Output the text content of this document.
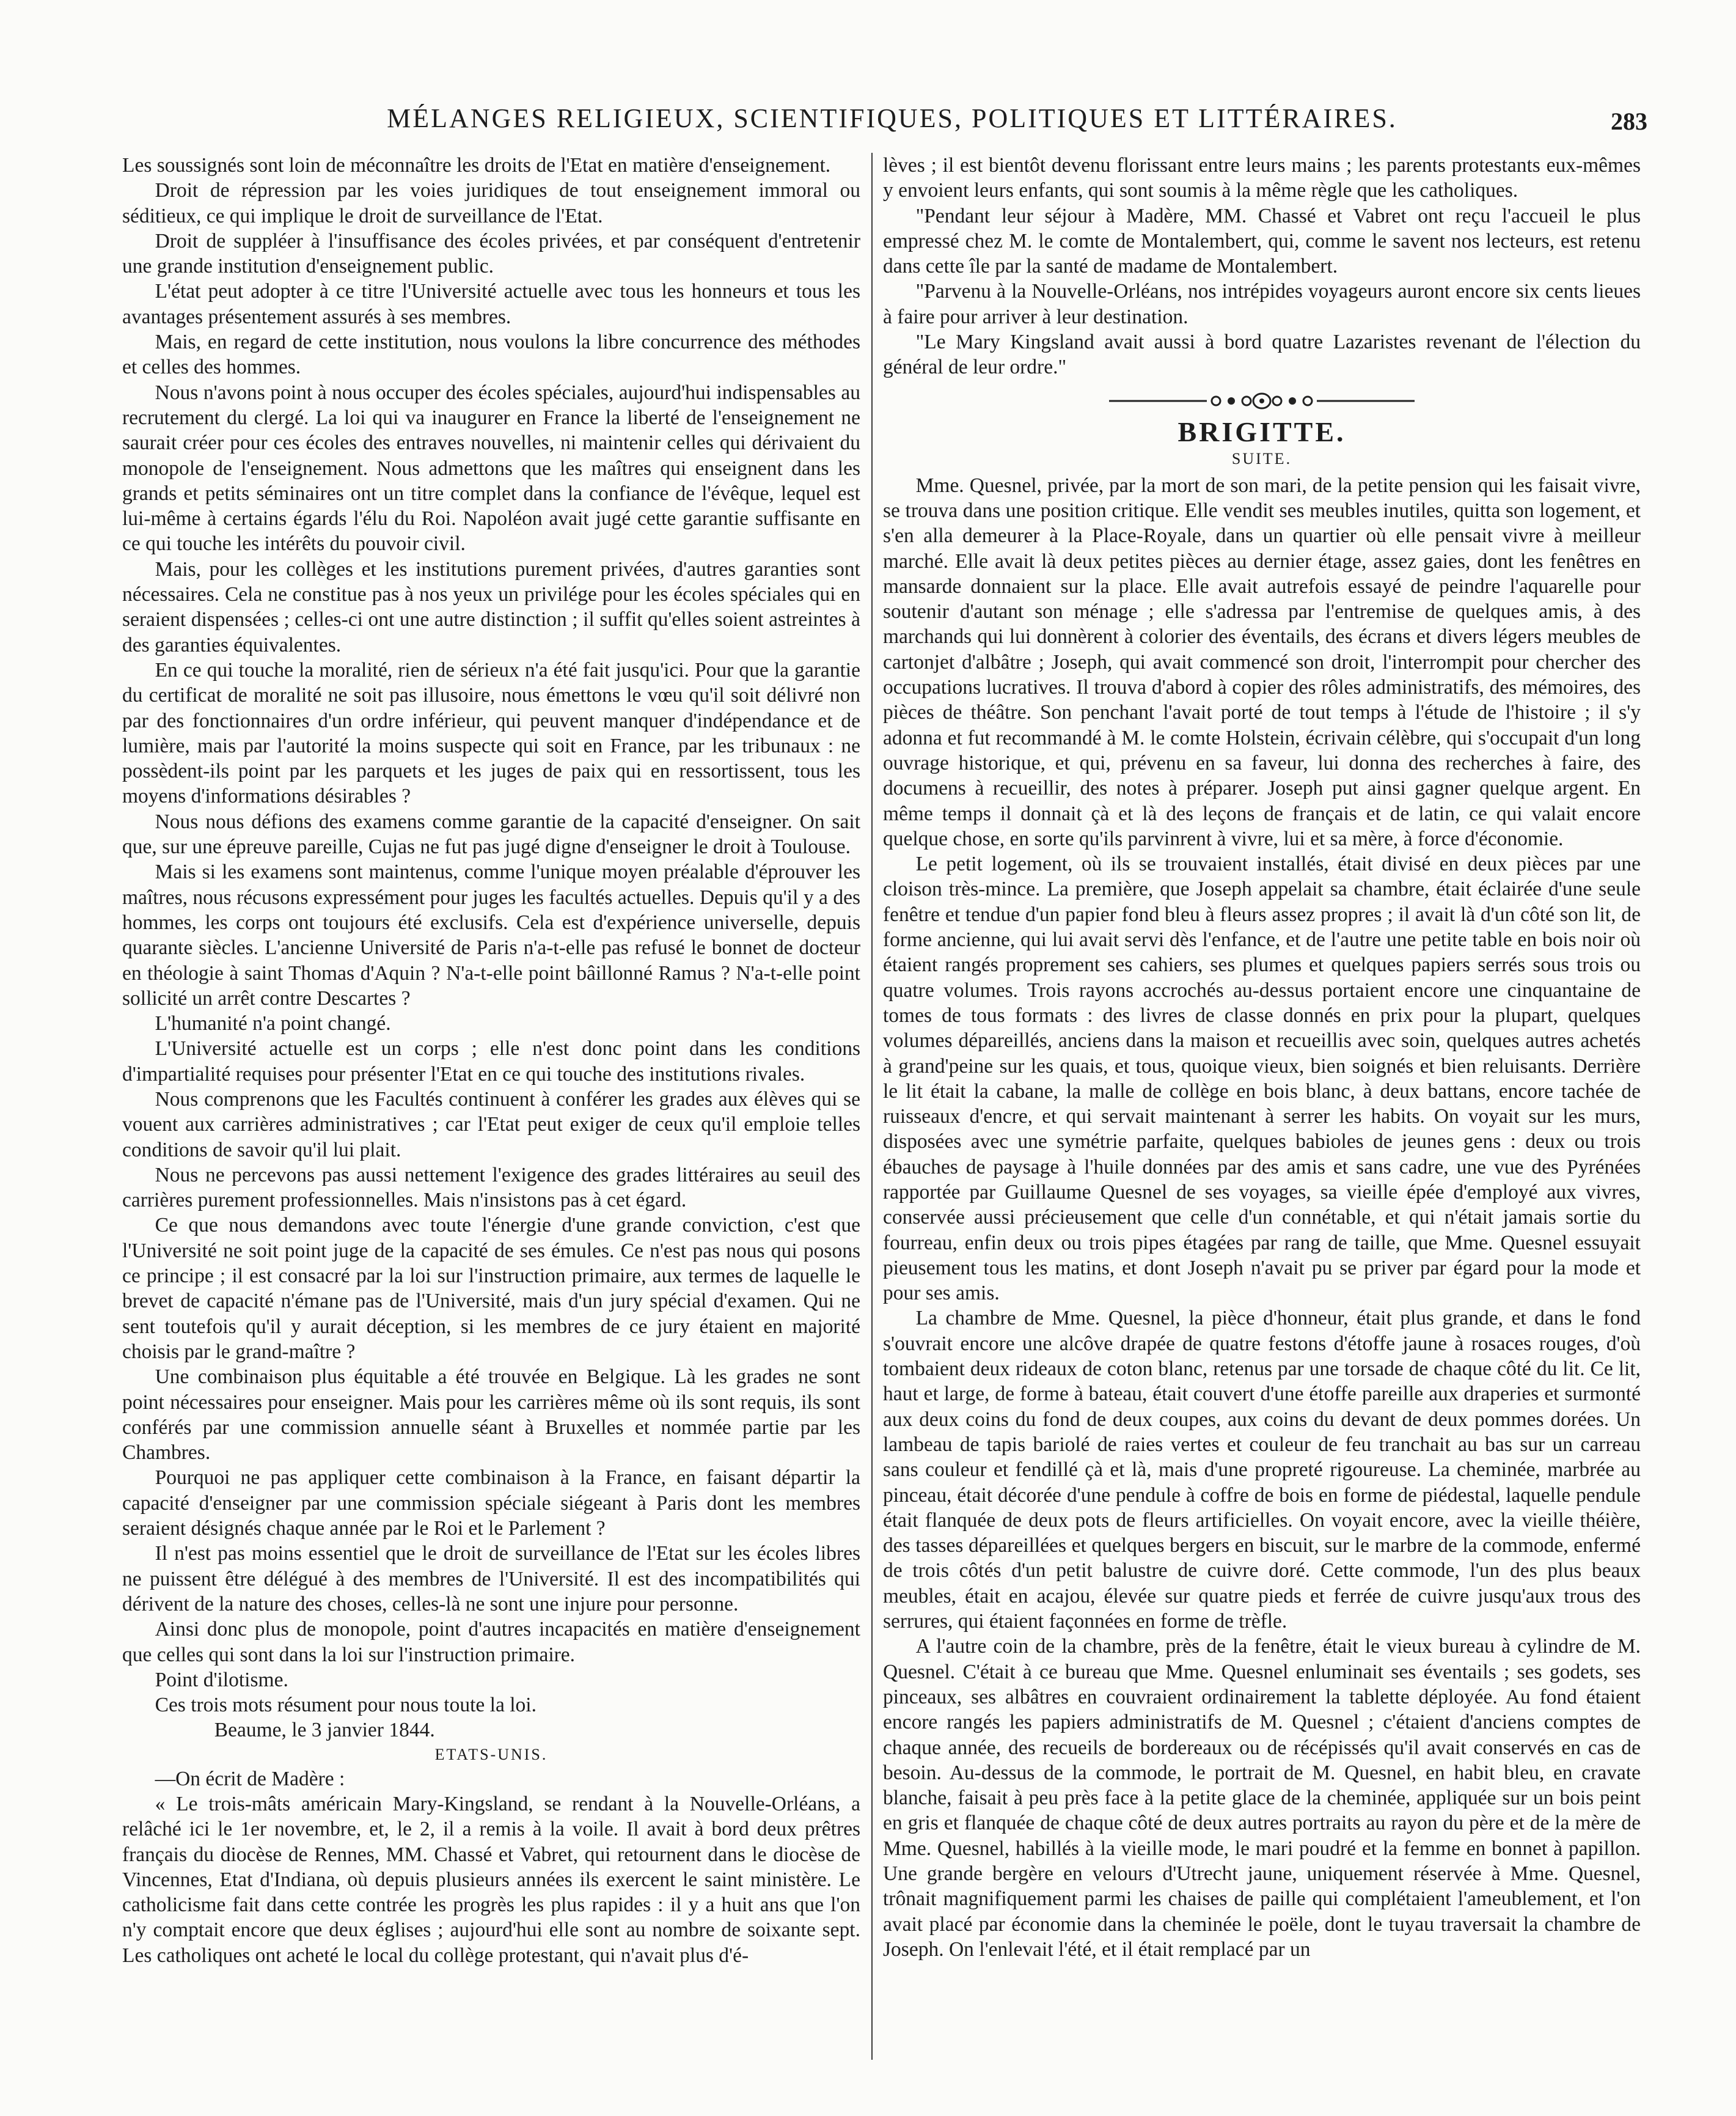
MÉLANGES RELIGIEUX, SCIENTIFIQUES, POLITIQUES ET LITTÉRAIRES.	283

Les soussignés sont loin de méconnaître les droits de l'Etat en matière d'enseignement.

Droit de répression par les voies juridiques de tout enseignement immoral ou séditieux, ce qui implique le droit de surveillance de l'Etat.

Droit de suppléer à l'insuffisance des écoles privées, et par conséquent d'entretenir une grande institution d'enseignement public.

L'état peut adopter à ce titre l'Université actuelle avec tous les honneurs et tous les avantages présentement assurés à ses membres.

Mais, en regard de cette institution, nous voulons la libre concurrence des méthodes et celles des hommes.

Nous n'avons point à nous occuper des écoles spéciales, aujourd'hui indispensables au recrutement du clergé. La loi qui va inaugurer en France la liberté de l'enseignement ne saurait créer pour ces écoles des entraves nouvelles, ni maintenir celles qui dérivaient du monopole de l'enseignement. Nous admettons que les maîtres qui enseignent dans les grands et petits séminaires ont un titre complet dans la confiance de l'évêque, lequel est lui-même à certains égards l'élu du Roi. Napoléon avait jugé cette garantie suffisante en ce qui touche les intérêts du pouvoir civil.

Mais, pour les collèges et les institutions purement privées, d'autres garanties sont nécessaires. Cela ne constitue pas à nos yeux un privilége pour les écoles spéciales qui en seraient dispensées ; celles-ci ont une autre distinction ; il suffit qu'elles soient astreintes à des garanties équivalentes.

En ce qui touche la moralité, rien de sérieux n'a été fait jusqu'ici. Pour que la garantie du certificat de moralité ne soit pas illusoire, nous émettons le vœu qu'il soit délivré non par des fonctionnaires d'un ordre inférieur, qui peuvent manquer d'indépendance et de lumière, mais par l'autorité la moins suspecte qui soit en France, par les tribunaux : ne possèdent-ils point par les parquets et les juges de paix qui en ressortissent, tous les moyens d'informations désirables ?

Nous nous défions des examens comme garantie de la capacité d'enseigner. On sait que, sur une épreuve pareille, Cujas ne fut pas jugé digne d'enseigner le droit à Toulouse.

Mais si les examens sont maintenus, comme l'unique moyen préalable d'éprouver les maîtres, nous récusons expressément pour juges les facultés actuelles. Depuis qu'il y a des hommes, les corps ont toujours été exclusifs. Cela est d'expérience universelle, depuis quarante siècles. L'ancienne Université de Paris n'a-t-elle pas refusé le bonnet de docteur en théologie à saint Thomas d'Aquin ? N'a-t-elle point bâillonné Ramus ? N'a-t-elle point sollicité un arrêt contre Descartes ?

L'humanité n'a point changé.

L'Université actuelle est un corps ; elle n'est donc point dans les conditions d'impartialité requises pour présenter l'Etat en ce qui touche des institutions rivales.

Nous comprenons que les Facultés continuent à conférer les grades aux élèves qui se vouent aux carrières administratives ; car l'Etat peut exiger de ceux qu'il emploie telles conditions de savoir qu'il lui plait.

Nous ne percevons pas aussi nettement l'exigence des grades littéraires au seuil des carrières purement professionnelles. Mais n'insistons pas à cet égard.

Ce que nous demandons avec toute l'énergie d'une grande conviction, c'est que l'Université ne soit point juge de la capacité de ses émules. Ce n'est pas nous qui posons ce principe ; il est consacré par la loi sur l'instruction primaire, aux termes de laquelle le brevet de capacité n'émane pas de l'Université, mais d'un jury spécial d'examen. Qui ne sent toutefois qu'il y aurait déception, si les membres de ce jury étaient en majorité choisis par le grand-maître ?

Une combinaison plus équitable a été trouvée en Belgique. Là les grades ne sont point nécessaires pour enseigner. Mais pour les carrières même où ils sont requis, ils sont conférés par une commission annuelle séant à Bruxelles et nommée partie par les Chambres.

Pourquoi ne pas appliquer cette combinaison à la France, en faisant départir la capacité d'enseigner par une commission spéciale siégeant à Paris dont les membres seraient désignés chaque année par le Roi et le Parlement ?

Il n'est pas moins essentiel que le droit de surveillance de l'Etat sur les écoles libres ne puissent être délégué à des membres de l'Université. Il est des incompatibilités qui dérivent de la nature des choses, celles-là ne sont une injure pour personne.

Ainsi donc plus de monopole, point d'autres incapacités en matière d'enseignement que celles qui sont dans la loi sur l'instruction primaire.

Point d'ilotisme.

Ces trois mots résument pour nous toute la loi.

Beaume, le 3 janvier 1844.

ETATS-UNIS.

—On écrit de Madère :

« Le trois-mâts américain Mary-Kingsland, se rendant à la Nouvelle-Orléans, a relâché ici le 1er novembre, et, le 2, il a remis à la voile. Il avait à bord deux prêtres français du diocèse de Rennes, MM. Chassé et Vabret, qui retournent dans le diocèse de Vincennes, Etat d'Indiana, où depuis plusieurs années ils exercent le saint ministère. Le catholicisme fait dans cette contrée les progrès les plus rapides : il y a huit ans que l'on n'y comptait encore que deux églises ; aujourd'hui elle sont au nombre de soixante sept. Les catholiques ont acheté le local du collège protestant, qui n'avait plus d'é-

lèves ; il est bientôt devenu florissant entre leurs mains ; les parents protestants eux-mêmes y envoient leurs enfants, qui sont soumis à la même règle que les catholiques.

"Pendant leur séjour à Madère, MM. Chassé et Vabret ont reçu l'accueil le plus empressé chez M. le comte de Montalembert, qui, comme le savent nos lecteurs, est retenu dans cette île par la santé de madame de Montalembert.

"Parvenu à la Nouvelle-Orléans, nos intrépides voyageurs auront encore six cents lieues à faire pour arriver à leur destination.

"Le Mary Kingsland avait aussi à bord quatre Lazaristes revenant de l'élection du général de leur ordre."

BRIGITTE.
SUITE.

Mme. Quesnel, privée, par la mort de son mari, de la petite pension qui les faisait vivre, se trouva dans une position critique. Elle vendit ses meubles inutiles, quitta son logement, et s'en alla demeurer à la Place-Royale, dans un quartier où elle pensait vivre à meilleur marché. Elle avait là deux petites pièces au dernier étage, assez gaies, dont les fenêtres en mansarde donnaient sur la place. Elle avait autrefois essayé de peindre l'aquarelle pour soutenir d'autant son ménage ; elle s'adressa par l'entremise de quelques amis, à des marchands qui lui donnèrent à colorier des éventails, des écrans et divers légers meubles de cartonjet d'albâtre ; Joseph, qui avait commencé son droit, l'interrompit pour chercher des occupations lucratives. Il trouva d'abord à copier des rôles administratifs, des mémoires, des pièces de théâtre. Son penchant l'avait porté de tout temps à l'étude de l'histoire ; il s'y adonna et fut recommandé à M. le comte Holstein, écrivain célèbre, qui s'occupait d'un long ouvrage historique, et qui, prévenu en sa faveur, lui donna des recherches à faire, des documens à recueillir, des notes à préparer. Joseph put ainsi gagner quelque argent. En même temps il donnait çà et là des leçons de français et de latin, ce qui valait encore quelque chose, en sorte qu'ils parvinrent à vivre, lui et sa mère, à force d'économie.

Le petit logement, où ils se trouvaient installés, était divisé en deux pièces par une cloison très-mince. La première, que Joseph appelait sa chambre, était éclairée d'une seule fenêtre et tendue d'un papier fond bleu à fleurs assez propres ; il avait là d'un côté son lit, de forme ancienne, qui lui avait servi dès l'enfance, et de l'autre une petite table en bois noir où étaient rangés proprement ses cahiers, ses plumes et quelques papiers serrés sous trois ou quatre volumes. Trois rayons accrochés au-dessus portaient encore une cinquantaine de tomes de tous formats : des livres de classe donnés en prix pour la plupart, quelques volumes dépareillés, anciens dans la maison et recueillis avec soin, quelques autres achetés à grand'peine sur les quais, et tous, quoique vieux, bien soignés et bien reluisants. Derrière le lit était la cabane, la malle de collège en bois blanc, à deux battans, encore tachée de ruisseaux d'encre, et qui servait maintenant à serrer les habits. On voyait sur les murs, disposées avec une symétrie parfaite, quelques babioles de jeunes gens : deux ou trois ébauches de paysage à l'huile données par des amis et sans cadre, une vue des Pyrénées rapportée par Guillaume Quesnel de ses voyages, sa vieille épée d'employé aux vivres, conservée aussi précieusement que celle d'un connétable, et qui n'était jamais sortie du fourreau, enfin deux ou trois pipes étagées par rang de taille, que Mme. Quesnel essuyait pieusement tous les matins, et dont Joseph n'avait pu se priver par égard pour la mode et pour ses amis.

La chambre de Mme. Quesnel, la pièce d'honneur, était plus grande, et dans le fond s'ouvrait encore une alcôve drapée de quatre festons d'étoffe jaune à rosaces rouges, d'où tombaient deux rideaux de coton blanc, retenus par une torsade de chaque côté du lit. Ce lit, haut et large, de forme à bateau, était couvert d'une étoffe pareille aux draperies et surmonté aux deux coins du fond de deux coupes, aux coins du devant de deux pommes dorées. Un lambeau de tapis bariolé de raies vertes et couleur de feu tranchait au bas sur un carreau sans couleur et fendillé çà et là, mais d'une propreté rigoureuse. La cheminée, marbrée au pinceau, était décorée d'une pendule à coffre de bois en forme de piédestal, laquelle pendule était flanquée de deux pots de fleurs artificielles. On voyait encore, avec la vieille théière, des tasses dépareillées et quelques bergers en biscuit, sur le marbre de la commode, enfermé de trois côtés d'un petit balustre de cuivre doré. Cette commode, l'un des plus beaux meubles, était en acajou, élevée sur quatre pieds et ferrée de cuivre jusqu'aux trous des serrures, qui étaient façonnées en forme de trèfle.

A l'autre coin de la chambre, près de la fenêtre, était le vieux bureau à cylindre de M. Quesnel. C'était à ce bureau que Mme. Quesnel enluminait ses éventails ; ses godets, ses pinceaux, ses albâtres en couvraient ordinairement la tablette déployée. Au fond étaient encore rangés les papiers administratifs de M. Quesnel ; c'étaient d'anciens comptes de chaque année, des recueils de bordereaux ou de récépissés qu'il avait conservés en cas de besoin. Au-dessus de la commode, le portrait de M. Quesnel, en habit bleu, en cravate blanche, faisait à peu près face à la petite glace de la cheminée, appliquée sur un bois peint en gris et flanquée de chaque côté de deux autres portraits au rayon du père et de la mère de Mme. Quesnel, habillés à la vieille mode, le mari poudré et la femme en bonnet à papillon. Une grande bergère en velours d'Utrecht jaune, uniquement réservée à Mme. Quesnel, trônait magnifiquement parmi les chaises de paille qui complétaient l'ameublement, et l'on avait placé par économie dans la cheminée le poële, dont le tuyau traversait la chambre de Joseph. On l'enlevait l'été, et il était remplacé par un
